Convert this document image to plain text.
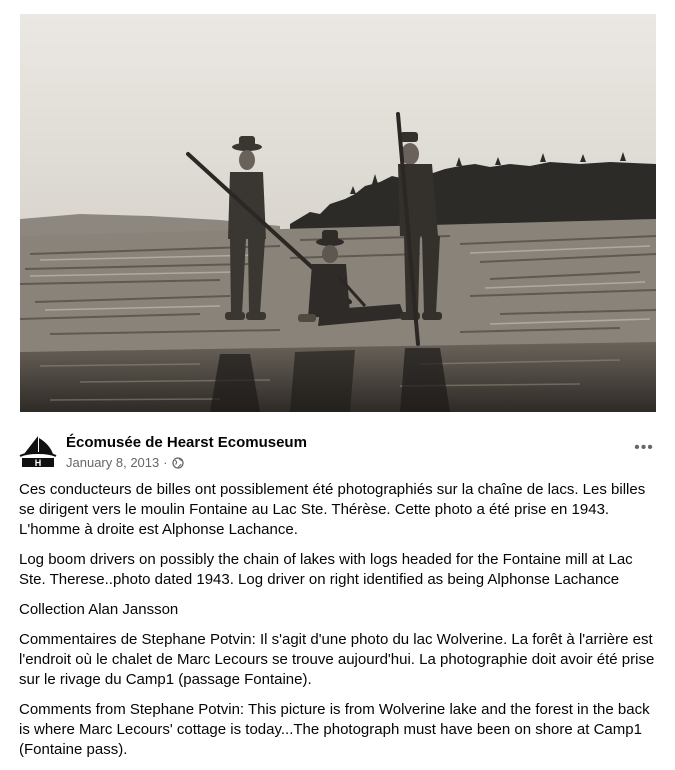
H
Écomusée de Hearst Ecomuseum
January 8, 2013 ·
•••

Ces conducteurs de billes ont possiblement été photographiés sur la chaîne de lacs. Les billes se dirigent vers le moulin Fontaine au Lac Ste. Thérèse. Cette photo a été prise en 1943. L'homme à droite est Alphonse Lachance.

Log boom drivers on possibly the chain of lakes with logs headed for the Fontaine mill at Lac Ste. Therese..photo dated 1943. Log driver on right identified as being Alphonse Lachance

Collection Alan Jansson

Commentaires de Stephane Potvin: Il s'agit d'une photo du lac Wolverine. La forêt à l'arrière est l'endroit où le chalet de Marc Lecours se trouve aujourd'hui. La photographie doit avoir été prise sur le rivage du Camp1 (passage Fontaine).

Comments from Stephane Potvin: This picture is from Wolverine lake and the forest in the back is where Marc Lecours' cottage is today...The photograph must have been on shore at Camp1 (Fontaine pass).
